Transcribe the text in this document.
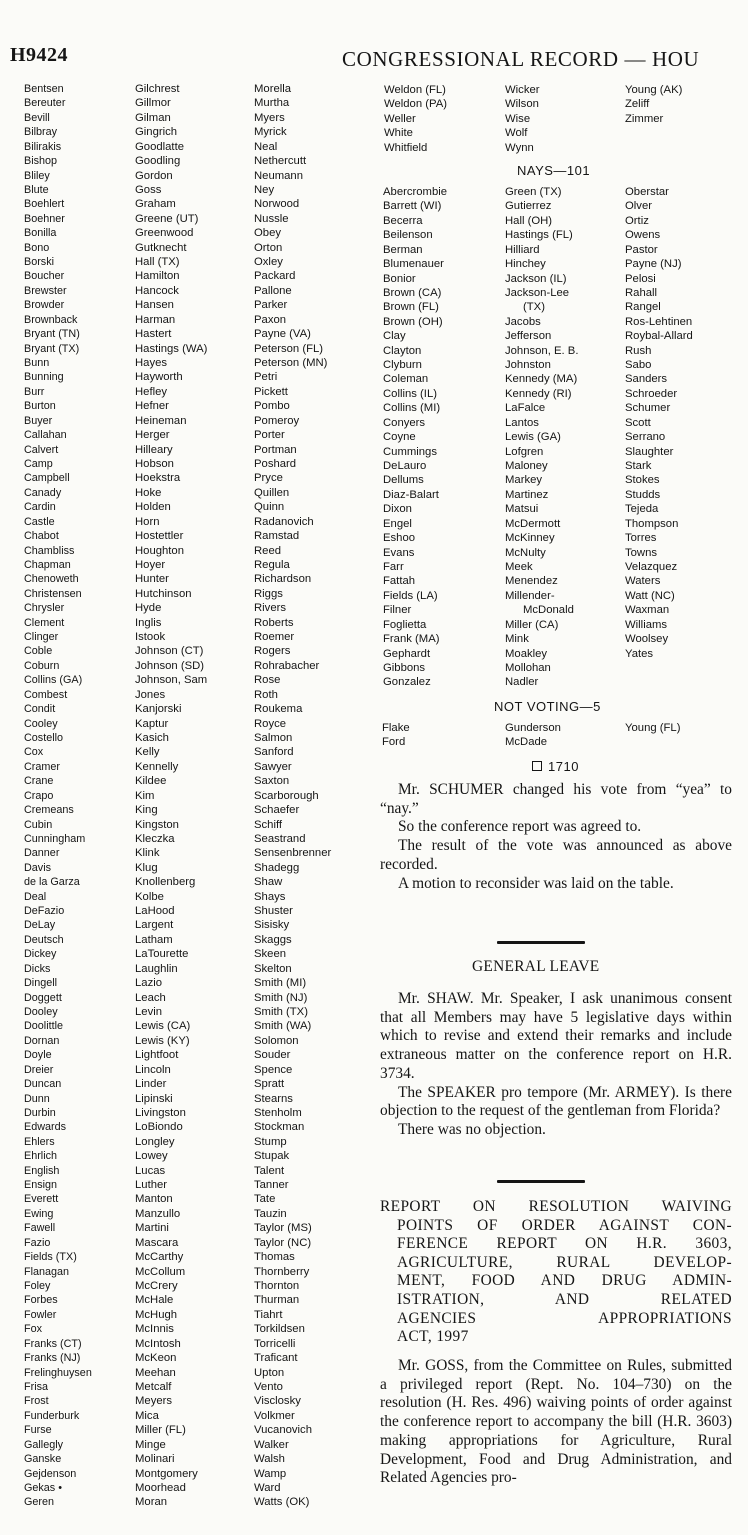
H9424	CONGRESSIONAL RECORD — HOU
Bentsen
Bereuter
Bevill
Bilbray
Bilirakis
Bishop
Bliley
Blute
Boehlert
Boehner
Bonilla
Bono
Borski
Boucher
Brewster
Browder
Brownback
Bryant (TN)
Bryant (TX)
Bunn
Bunning
Burr
Burton
Buyer
Callahan
Calvert
Camp
Campbell
Canady
Cardin
Castle
Chabot
Chambliss
Chapman
Chenoweth
Christensen
Chrysler
Clement
Clinger
Coble
Coburn
Collins (GA)
Combest
Condit
Cooley
Costello
Cox
Cramer
Crane
Crapo
Cremeans
Cubin
Cunningham
Danner
Davis
de la Garza
Deal
DeFazio
DeLay
Deutsch
Dickey
Dicks
Dingell
Doggett
Dooley
Doolittle
Dornan
Doyle
Dreier
Duncan
Dunn
Durbin
Edwards
Ehlers
Ehrlich
English
Ensign
Everett
Ewing
Fawell
Fazio
Fields (TX)
Flanagan
Foley
Forbes
Fowler
Fox
Franks (CT)
Franks (NJ)
Frelinghuysen
Frisa
Frost
Funderburk
Furse
Gallegly
Ganske
Gejdenson
Gekas •
Geren
Gilchrest
Gillmor
Gilman
Gingrich
Goodlatte
Goodling
Gordon
Goss
Graham
Greene (UT)
Greenwood
Gutknecht
Hall (TX)
Hamilton
Hancock
Hansen
Harman
Hastert
Hastings (WA)
Hayes
Hayworth
Hefley
Hefner
Heineman
Herger
Hilleary
Hobson
Hoekstra
Hoke
Holden
Horn
Hostettler
Houghton
Hoyer
Hunter
Hutchinson
Hyde
Inglis
Istook
Johnson (CT)
Johnson (SD)
Johnson, Sam
Jones
Kanjorski
Kaptur
Kasich
Kelly
Kennelly
Kildee
Kim
King
Kingston
Kleczka
Klink
Klug
Knollenberg
Kolbe
LaHood
Largent
Latham
LaTourette
Laughlin
Lazio
Leach
Levin
Lewis (CA)
Lewis (KY)
Lightfoot
Lincoln
Linder
Lipinski
Livingston
LoBiondo
Longley
Lowey
Lucas
Luther
Manton
Manzullo
Martini
Mascara
McCarthy
McCollum
McCrery
McHale
McHugh
McInnis
McIntosh
McKeon
Meehan
Metcalf
Meyers
Mica
Miller (FL)
Minge
Molinari
Montgomery
Moorhead
Moran
Morella
Murtha
Myers
Myrick
Neal
Nethercutt
Neumann
Ney
Norwood
Nussle
Obey
Orton
Oxley
Packard
Pallone
Parker
Paxon
Payne (VA)
Peterson (FL)
Peterson (MN)
Petri
Pickett
Pombo
Pomeroy
Porter
Portman
Poshard
Pryce
Quillen
Quinn
Radanovich
Ramstad
Reed
Regula
Richardson
Riggs
Rivers
Roberts
Roemer
Rogers
Rohrabacher
Rose
Roth
Roukema
Royce
Salmon
Sanford
Sawyer
Saxton
Scarborough
Schaefer
Schiff
Seastrand
Sensenbrenner
Shadegg
Shaw
Shays
Shuster
Sisisky
Skaggs
Skeen
Skelton
Smith (MI)
Smith (NJ)
Smith (TX)
Smith (WA)
Solomon
Souder
Spence
Spratt
Stearns
Stenholm
Stockman
Stump
Stupak
Talent
Tanner
Tate
Tauzin
Taylor (MS)
Taylor (NC)
Thomas
Thornberry
Thornton
Thurman
Tiahrt
Torkildsen
Torricelli
Traficant
Upton
Vento
Visclosky
Volkmer
Vucanovich
Walker
Walsh
Wamp
Ward
Watts (OK)
Weldon (FL)
Weldon (PA)
Weller
White
Whitfield
Wicker
Wilson
Wise
Wolf
Wynn
Young (AK)
Zeliff
Zimmer
NAYS—101
Abercrombie
Barrett (WI)
Becerra
Beilenson
Berman
Blumenauer
Bonior
Brown (CA)
Brown (FL)
Brown (OH)
Clay
Clayton
Clyburn
Coleman
Collins (IL)
Collins (MI)
Conyers
Coyne
Cummings
DeLauro
Dellums
Diaz-Balart
Dixon
Engel
Eshoo
Evans
Farr
Fattah
Fields (LA)
Filner
Foglietta
Frank (MA)
Gephardt
Gibbons
Gonzalez
Green (TX)
Gutierrez
Hall (OH)
Hastings (FL)
Hilliard
Hinchey
Jackson (IL)
Jackson-Lee
(TX)
Jacobs
Jefferson
Johnson, E. B.
Johnston
Kennedy (MA)
Kennedy (RI)
LaFalce
Lantos
Lewis (GA)
Lofgren
Maloney
Markey
Martinez
Matsui
McDermott
McKinney
McNulty
Meek
Menendez
Millender-
McDonald
Miller (CA)
Mink
Moakley
Mollohan
Nadler
Oberstar
Olver
Ortiz
Owens
Pastor
Payne (NJ)
Pelosi
Rahall
Rangel
Ros-Lehtinen
Roybal-Allard
Rush
Sabo
Sanders
Schroeder
Schumer
Scott
Serrano
Slaughter
Stark
Stokes
Studds
Tejeda
Thompson
Torres
Towns
Velazquez
Waters
Watt (NC)
Waxman
Williams
Woolsey
Yates
NOT VOTING—5
Flake
Ford
Gunderson
McDade
Young (FL)
1710

Mr. SCHUMER changed his vote from “yea” to “nay.”

So the conference report was agreed to.

The result of the vote was announced as above recorded.

A motion to reconsider was laid on the table.

GENERAL LEAVE

Mr. SHAW. Mr. Speaker, I ask unanimous consent that all Members may have 5 legislative days within which to revise and extend their remarks and include extraneous matter on the conference report on H.R. 3734.

The SPEAKER pro tempore (Mr. ARMEY). Is there objection to the request of the gentleman from Florida?

There was no objection.

REPORT ON RESOLUTION WAIVING
POINTS OF ORDER AGAINST CON-
FERENCE REPORT ON H.R. 3603,
AGRICULTURE, RURAL DEVELOP-
MENT, FOOD AND DRUG ADMIN-
ISTRATION, AND RELATED
AGENCIES APPROPRIATIONS
ACT, 1997

Mr. GOSS, from the Committee on Rules, submitted a privileged report (Rept. No. 104–730) on the resolution (H. Res. 496) waiving points of order against the conference report to accompany the bill (H.R. 3603) making appropriations for Agriculture, Rural Development, Food and Drug Administration, and Related Agencies pro-
